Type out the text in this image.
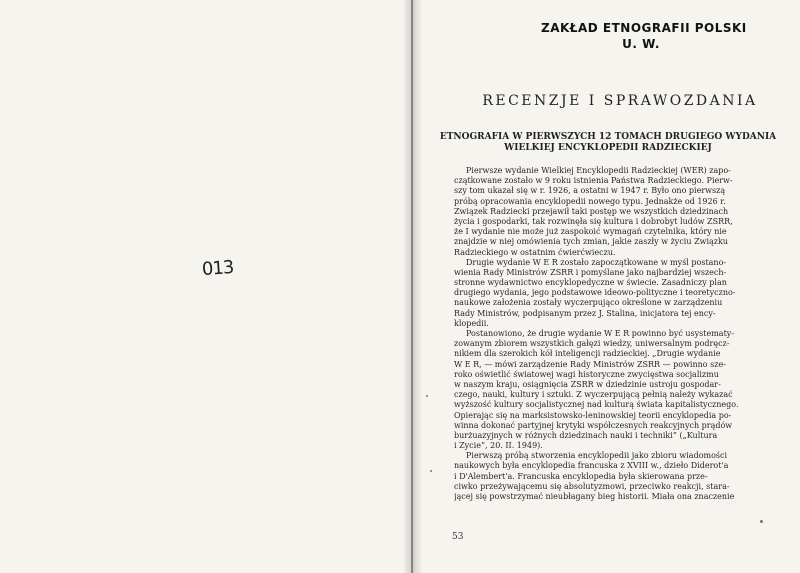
ZAKŁAD ETNOGRAFII POLSKI
U. W.
013
RECENZJE I SPRAWOZDANIA
ETNOGRAFIA W PIERWSZYCH 12 TOMACH DRUGIEGO WYDANIA
WIELKIEJ ENCYKLOPEDII RADZIECKIEJ
Pierwsze wydanie Wielkiej Encyklopedii Radzieckiej (WER) zapo-
czątkowane zostało w 9 roku istnienia Państwa Radzieckiego. Pierw-
szy tom ukazał się w r. 1926, a ostatni w 1947 r. Było ono pierwszą
próbą opracowania encyklopedii nowego typu. Jednakże od 1926 r.
Związek Radziecki przejawił taki postęp we wszystkich dziedzinach
życia i gospodarki, tak rozwinęła się kultura i dobrobyt ludów ZSRR,
że I wydanie nie może już zaspokoić wymagań czytelnika, który nie
znajdzie w niej omówienia tych zmian, jakie zaszły w życiu Związku
Radzieckiego w ostatnim ćwierćwieczu.
Drugie wydanie W E R zostało zapoczątkowane w myśl postano-
wienia Rady Ministrów ZSRR i pomyślane jako najbardziej wszech-
stronne wydawnictwo encyklopedyczne w świecie. Zasadniczy plan
drugiego wydania, jego podstawowe ideowo-polityczne i teoretyczno-
naukowe założenia zostały wyczerpująco określone w zarządzeniu
Rady Ministrów, podpisanym przez J. Stalina, inicjatora tej ency-
klopedii.
Postanowiono, że drugie wydanie W E R powinno być usystematy-
zowanym zbiorem wszystkich gałęzi wiedzy, uniwersalnym podręcz-
nikiem dla szerokich kół inteligencji radzieckiej. „Drugie wydanie
W E R, — mówi zarządzenie Rady Ministrów ZSRR — powinno sze-
roko oświetlić światowej wagi historyczne zwycięstwa socjalizmu
w naszym kraju, osiągnięcia ZSRR w dziedzinie ustroju gospodar-
czego, nauki, kultury i sztuki. Z wyczerpującą pełnią należy wykazać
wyższość kultury socjalistycznej nad kulturą świata kapitalistycznego.
Opierając się na marksistowsko-leninowskiej teorii encyklopedia po-
winna dokonać partyjnej krytyki współczesnych reakcyjnych prądów
burżuazyjnych w różnych dziedzinach nauki i techniki” („Kultura
i Życie”, 20. II. 1949).
Pierwszą próbą stworzenia encyklopedii jako zbioru wiadomości
naukowych była encyklopedia francuska z XVIII w., dzieło Diderot'a
i D'Alembert'a. Francuska encyklopedia była skierowana prze-
ciwko przeżywającemu się absolutyzmowi, przeciwko reakcji, stara-
jącej się powstrzymać nieubłagany bieg historii. Miała ona znaczenie
53
